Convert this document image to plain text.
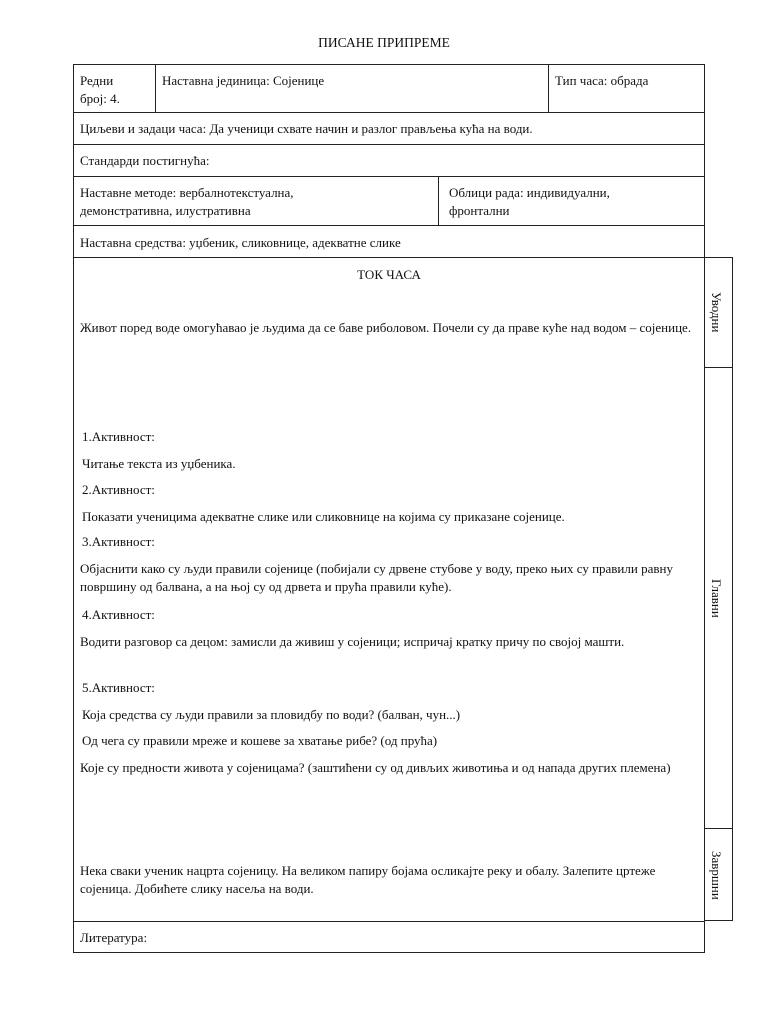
ПИСАНЕ ПРИПРЕМЕ
Редни
број: 4.
Наставна јединица: Сојенице	Тип часа: обрада
Циљеви и задаци часа: Да ученици схвате начин и разлог прављења кућа на води.
Стандарди постигнућа:
Наставне методе: вербалнотекстуална,
демонстративна, илустративна
Облици рада: индивидуални,
фронтални
Наставна средства: уџбеник, сликовнице, адекватне слике
Уводни
Главни
Завршни
ТОК ЧАСА
Живот поред воде омогућавао је људима да се баве риболовом. Почели су да праве куће над водом – сојенице.
1.Активност:
Читање текста из уџбеника.
2.Активност:
Показати ученицима адекватне слике или сликовнице на којима су приказане сојенице.
3.Активност:
Објаснити како су људи правили сојенице (побијали су дрвене стубове у воду, преко њих су правили равну површину од балвана, а на њој су од дрвета и прућа правили куће).
4.Активност:
Водити разговор са децом: замисли да живиш у сојеници; испричај кратку причу по својој машти.
5.Активност:
Која средства су људи правили за пловидбу по води? (балван, чун...)
Од чега су правили мреже и кошеве за хватање рибе? (од прућа)
Које су предности живота у сојеницама? (заштићени су од дивљих животиња и од напада других племена)
Нека сваки ученик нацрта сојеницу. На великом папиру бојама осликајте реку и обалу. Залепите цртеже сојеница. Добићете слику насеља на води.
Литература:
